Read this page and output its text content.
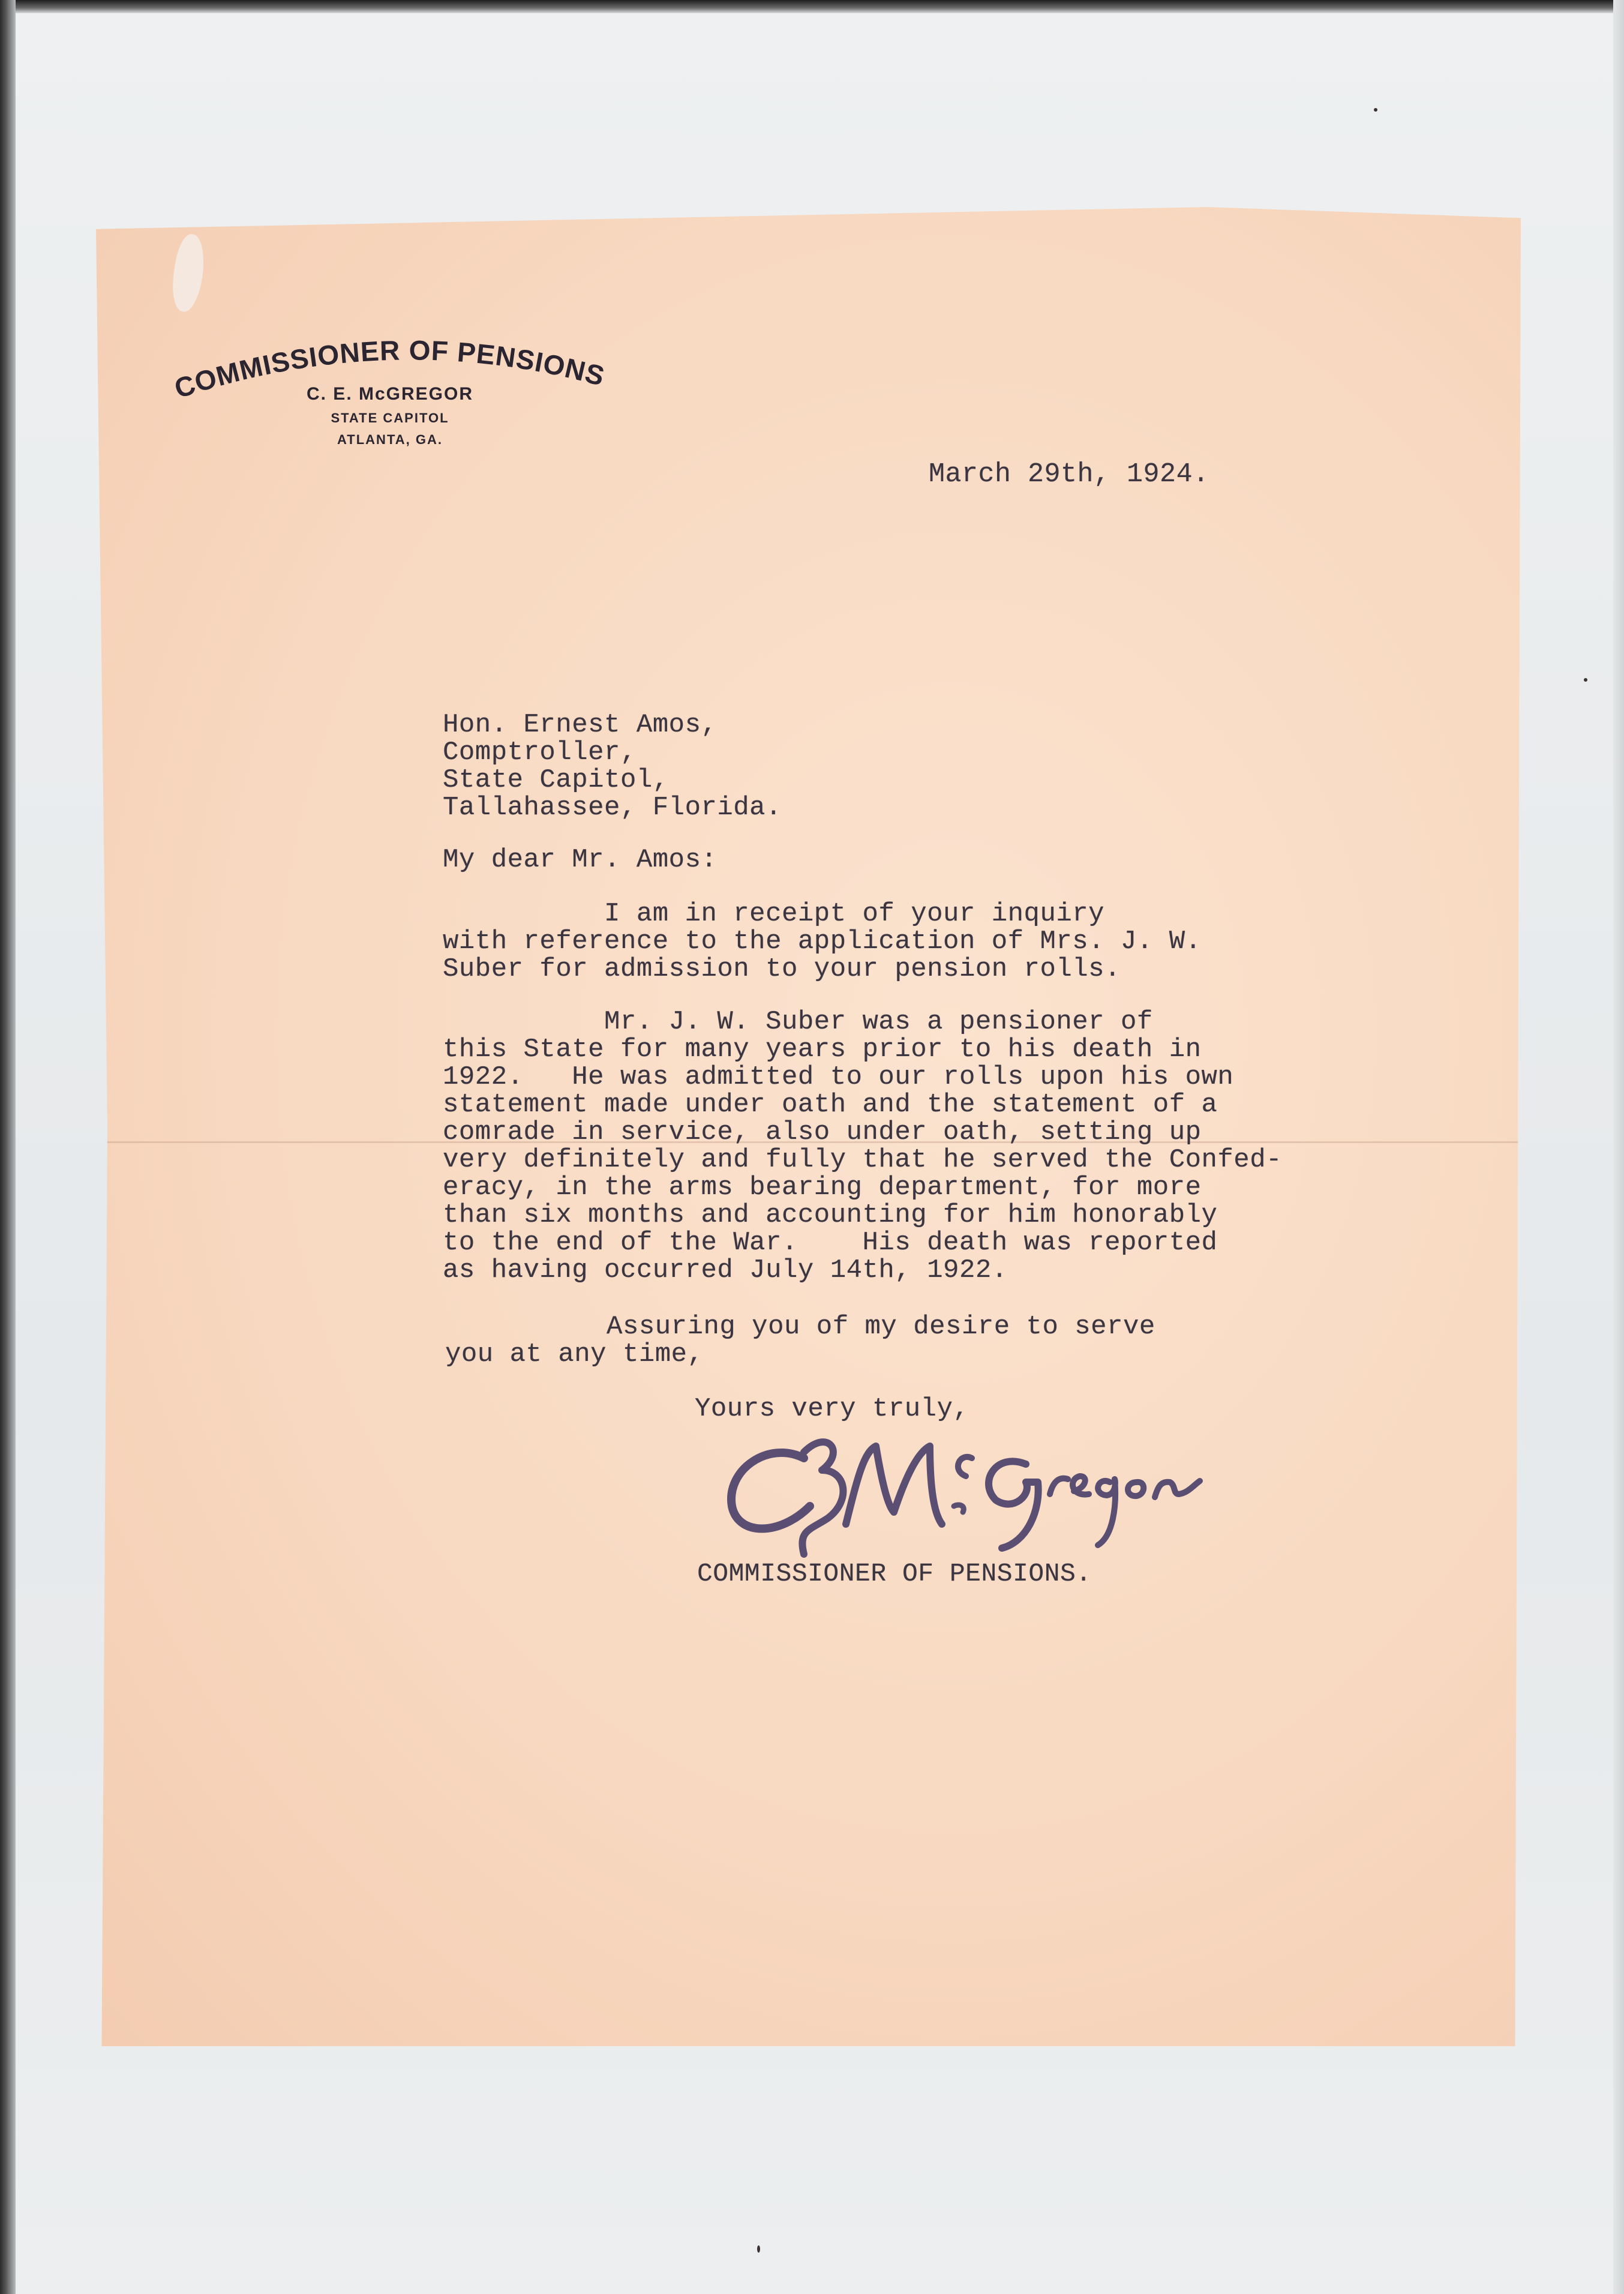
COMMISSIONER OF PENSIONS
C. E. McGREGOR
STATE CAPITOL
ATLANTA, GA.
March 29th, 1924.
Hon. Ernest Amos,
Comptroller,
State Capitol,
Tallahassee, Florida.
My dear Mr. Amos:
I am in receipt of your inquiry
with reference to the application of Mrs. J. W.
Suber for admission to your pension rolls.
Mr. J. W. Suber was a pensioner of
this State for many years prior to his death in
1922.   He was admitted to our rolls upon his own
statement made under oath and the statement of a
comrade in service, also under oath, setting up
very definitely and fully that he served the Confed-
eracy, in the arms bearing department, for more
than six months and accounting for him honorably
to the end of the War.    His death was reported
as having occurred July 14th, 1922.
Assuring you of my desire to serve
you at any time,
Yours very truly,
COMMISSIONER OF PENSIONS.
